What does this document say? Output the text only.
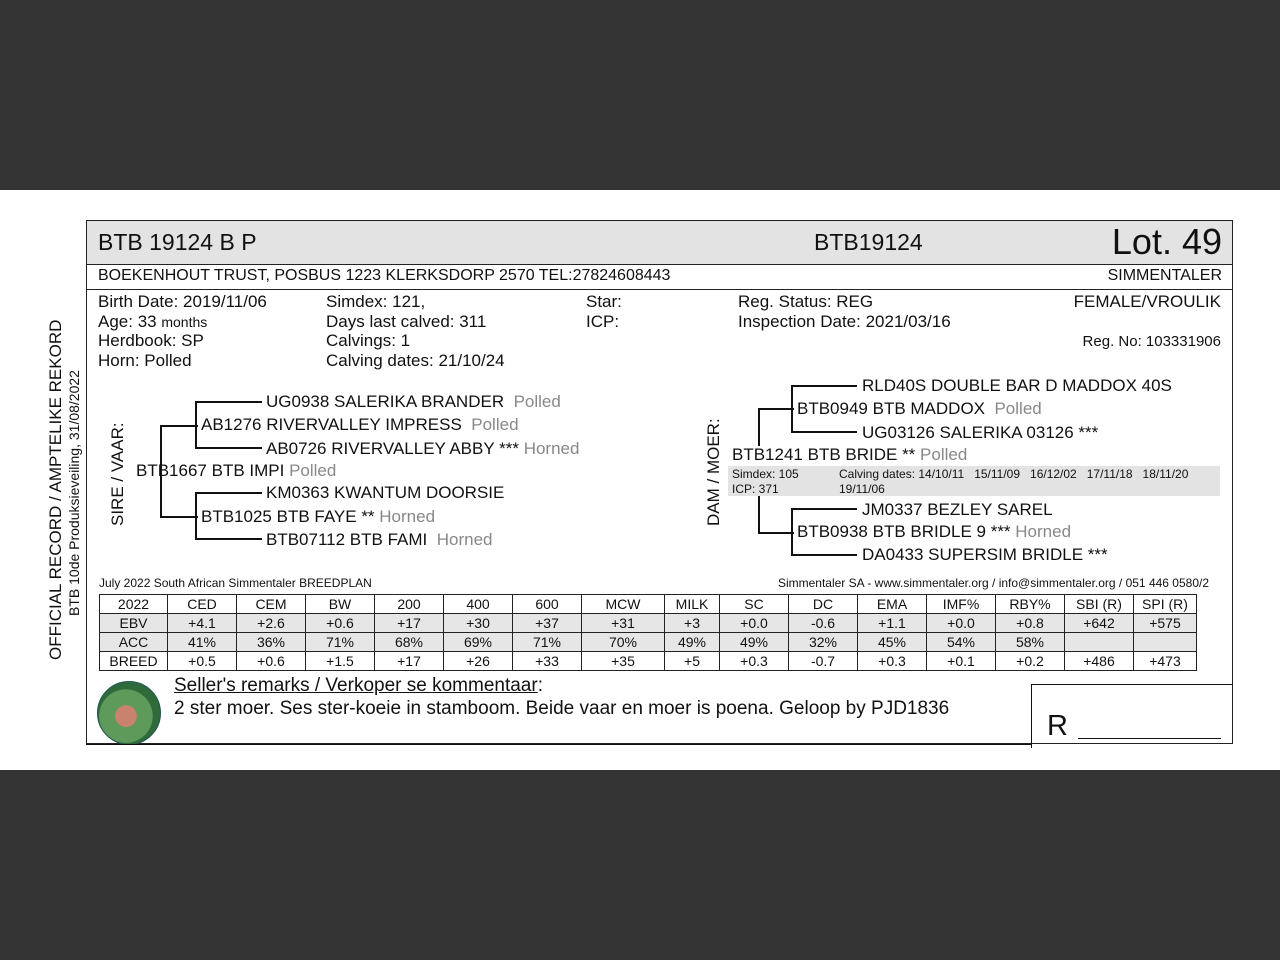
OFFICIAL RECORD / AMPTELIKE REKORD BTB 10de Produksieveiling, 31/08/2022
BTB 19124 B P	BTB19124	Lot. 49
BOEKENHOUT TRUST, POSBUS 1223 KLERKSDORP 2570 TEL:27824608443	SIMMENTALER
Birth Date: 2019/11/06
Age: 33 months
Herdbook: SP
Horn: Polled
Simdex: 121,
Days last calved: 311
Calvings: 1
Calving dates: 21/10/24
Star:
ICP:
Reg. Status: REG
Inspection Date: 2021/03/16
FEMALE/VROULIK
Reg. No: 103331906
SIRE / VAAR:
UG0938 SALERIKA BRANDER Polled
AB1276 RIVERVALLEY IMPRESS Polled
AB0726 RIVERVALLEY ABBY *** Horned
BTB1667 BTB IMPI Polled
KM0363 KWANTUM DOORSIE
BTB1025 BTB FAYE ** Horned
BTB07112 BTB FAMI Horned
DAM / MOER:
RLD40S DOUBLE BAR D MADDOX 40S
BTB0949 BTB MADDOX Polled
UG03126 SALERIKA 03126 ***
BTB1241 BTB BRIDE ** Polled
Simdex: 105
ICP: 371
Calving dates: 14/10/11   15/11/09   16/12/02   17/11/18   18/11/20
19/11/06
JM0337 BEZLEY SAREL
BTB0938 BTB BRIDLE 9 *** Horned
DA0433 SUPERSIM BRIDLE ***
July 2022 South African Simmentaler BREEDPLAN	Simmentaler SA - www.simmentaler.org / info@simmentaler.org / 051 446 0580/2
2022	CED	CEM	BW	200	400	600	MCW	MILK	SC	DC	EMA	IMF%	RBY%	SBI (R)	SPI (R)
EBV	+4.1	+2.6	+0.6	+17	+30	+37	+31	+3	+0.0	-0.6	+1.1	+0.0	+0.8	+642	+575
ACC	41%	36%	71%	68%	69%	71%	70%	49%	49%	32%	45%	54%	58%		
BREED	+0.5	+0.6	+1.5	+17	+26	+33	+35	+5	+0.3	-0.7	+0.3	+0.1	+0.2	+486	+473
Seller's remarks / Verkoper se kommentaar:
2 ster moer. Ses ster-koeie in stamboom. Beide vaar en moer is poena. Geloop by PJD1836
R
